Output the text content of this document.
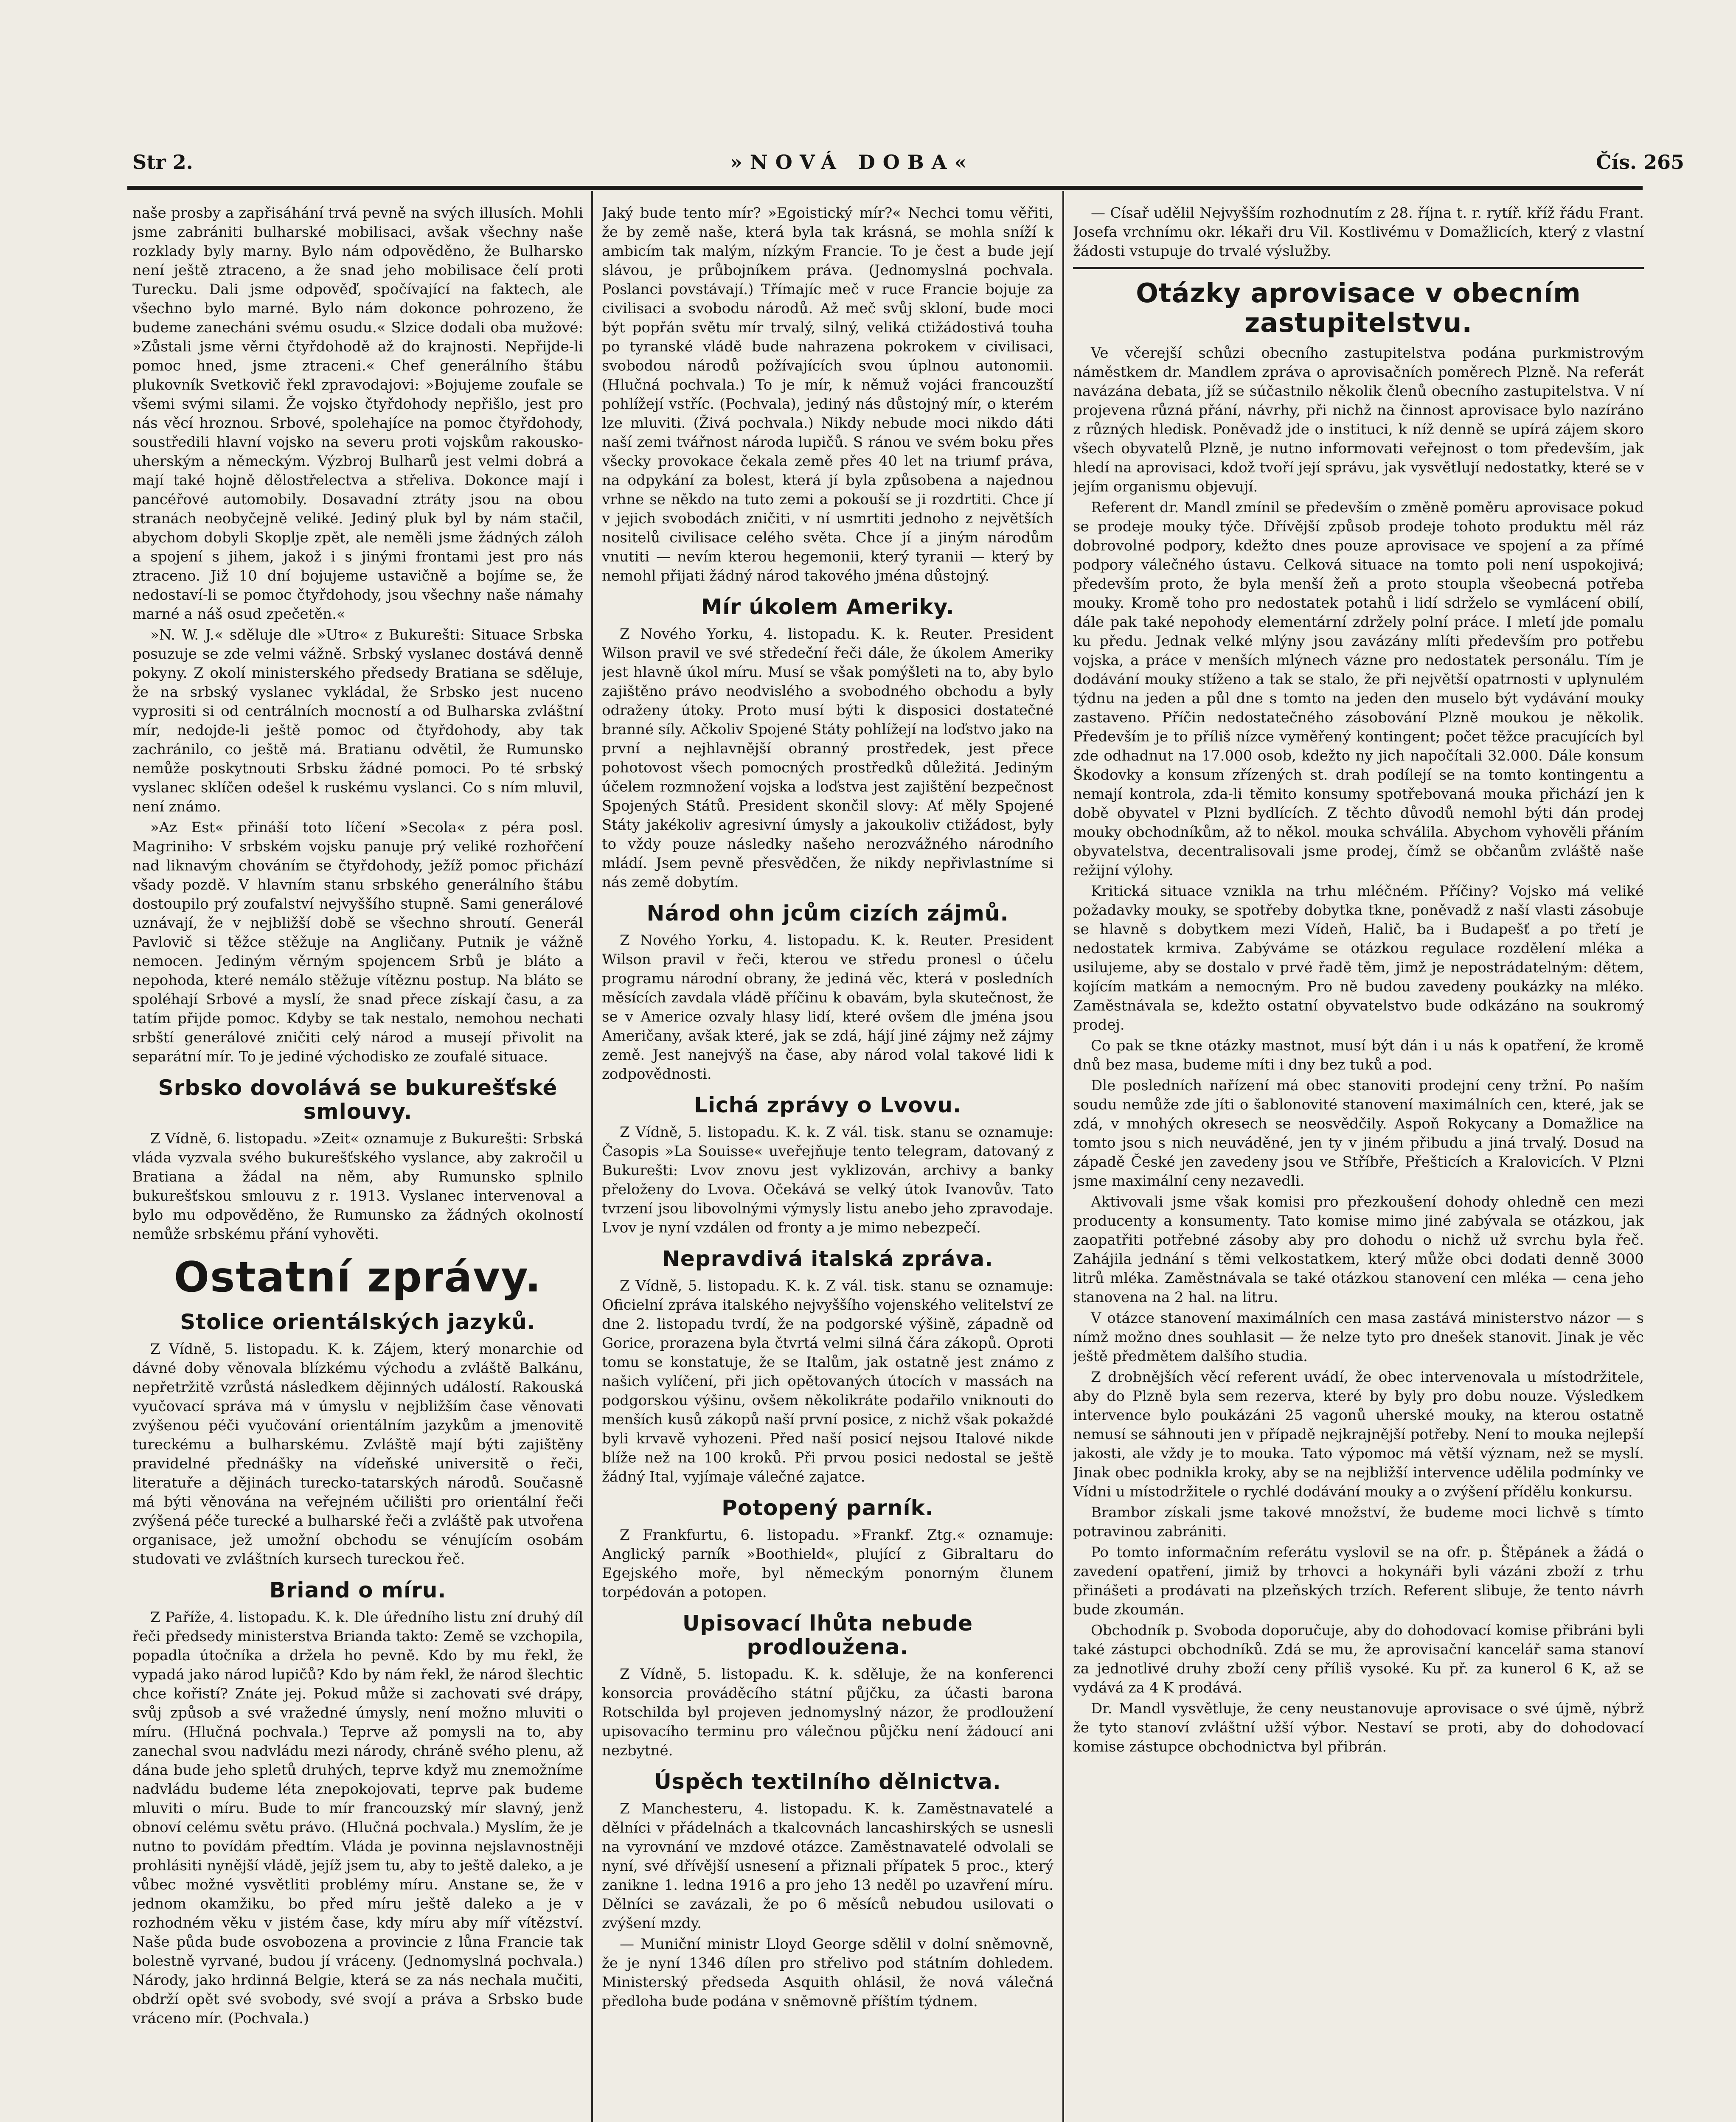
Str 2.	»NOVÁ DOBA«	Čís. 265

naše prosby a zapřisáhání trvá pevně na svých illusích. Mohli jsme zabrániti bulharské mobilisaci, avšak všechny naše rozklady byly marny. Bylo nám odpověděno, že Bulharsko není ještě ztraceno, a že snad jeho mobilisace čelí proti Turecku. Dali jsme odpověď, spočívající na faktech, ale všechno bylo marné. Bylo nám dokonce pohrozeno, že budeme zanecháni svému osudu.« Slzice dodali oba mužové: »Zůstali jsme věrni čtyřdohodě až do krajnosti. Nepřijde-li pomoc hned, jsme ztraceni.« Chef generálního štábu plukovník Svetkovič řekl zpravodajovi: »Bojujeme zoufale se všemi svými silami. Že vojsko čtyřdohody nepřišlo, jest pro nás věcí hroznou. Srbové, spolehajíce na pomoc čtyřdohody, soustředili hlavní vojsko na severu proti vojskům rakousko-uherským a německým. Výzbroj Bulharů jest velmi dobrá a mají také hojně dělostřelectva a střeliva. Dokonce mají i pancéřové automobily. Dosavadní ztráty jsou na obou stranách neobyčejně veliké. Jediný pluk byl by nám stačil, abychom dobyli Skoplje zpět, ale neměli jsme žádných záloh a spojení s jihem, jakož i s jinými frontami jest pro nás ztraceno. Již 10 dní bojujeme ustavičně a bojíme se, že nedostaví-li se pomoc čtyřdohody, jsou všechny naše námahy marné a náš osud zpečetěn.«

»N. W. J.« sděluje dle »Utro« z Bukurešti: Situace Srbska posuzuje se zde velmi vážně. Srbský vyslanec dostává denně pokyny. Z okolí ministerského předsedy Bratiana se sděluje, že na srbský vyslanec vykládal, že Srbsko jest nuceno vyprositi si od centrálních mocností a od Bulharska zvláštní mír, nedojde-li ještě pomoc od čtyřdohody, aby tak zachránilo, co ještě má. Bratianu odvětil, že Rumunsko nemůže poskytnouti Srbsku žádné pomoci. Po té srbský vyslanec sklíčen odešel k ruskému vyslanci. Co s ním mluvil, není známo.

»Az Est« přináší toto líčení »Secola« z péra posl. Magriniho: V srbském vojsku panuje prý veliké rozhořčení nad liknavým chováním se čtyřdohody, ježíž pomoc přichází všady pozdě. V hlavním stanu srbského generálního štábu dostoupilo prý zoufalství nejvyššího stupně. Sami generálové uznávají, že v nejbližší době se všechno shroutí. Generál Pavlovič si těžce stěžuje na Angličany. Putnik je vážně nemocen. Jediným věrným spojencem Srbů je bláto a nepohoda, které nemálo stěžuje vítěznu postup. Na bláto se spoléhají Srbové a myslí, že snad přece získají času, a za tatím přijde pomoc. Kdyby se tak nestalo, nemohou nechati srbští generálové zničiti celý národ a musejí přivolit na separátní mír. To je jediné východisko ze zoufalé situace.

Srbsko dovolává se bukurešťské smlouvy.

Z Vídně, 6. listopadu. »Zeit« oznamuje z Bukurešti: Srbská vláda vyzvala svého bukurešťského vyslance, aby zakročil u Bratiana a žádal na něm, aby Rumunsko splnilo bukurešťskou smlouvu z r. 1913. Vyslanec intervenoval a bylo mu odpověděno, že Rumunsko za žádných okolností nemůže srbskému přání vyhověti.

Ostatní zprávy.
Stolice orientálských jazyků.

Z Vídně, 5. listopadu. K. k. Zájem, který monarchie od dávné doby věnovala blízkému východu a zvláště Balkánu, nepřetržitě vzrůstá následkem dějinných událostí. Rakouská vyučovací správa má v úmyslu v nejbližším čase věnovati zvýšenou péči vyučování orientálním jazykům a jmenovitě tureckému a bulharskému. Zvláště mají býti zajištěny pravidelné přednášky na vídeňské universitě o řeči, literatuře a dějinách turecko-tatarských národů. Současně má býti věnována na veřejném učilišti pro orientální řeči zvýšená péče turecké a bulharské řeči a zvláště pak utvořena organisace, jež umožní obchodu se vénujícím osobám studovati ve zvláštních kursech tureckou řeč.

Briand o míru.

Z Paříže, 4. listopadu. K. k. Dle úředního listu zní druhý díl řeči předsedy ministerstva Brianda takto: Země se vzchopila, popadla útočníka a držela ho pevně. Kdo by mu řekl, že vypadá jako národ lupičů? Kdo by nám řekl, že národ šlechtic chce kořistí? Znáte jej. Pokud může si zachovati své drápy, svůj způsob a své vražedné úmysly, není možno mluviti o míru. (Hlučná pochvala.) Teprve až pomysli na to, aby zanechal svou nadvládu mezi národy, chráně svého plenu, až dána bude jeho spletů druhých, teprve když mu znemožníme nadvládu budeme léta znepokojovati, teprve pak budeme mluviti o míru. Bude to mír francouzský mír slavný, jenž obnoví celému světu právo. (Hlučná pochvala.) Myslím, že je nutno to povídám předtím. Vláda je povinna nejslavnostněji prohlásiti nynější vládě, jejíž jsem tu, aby to ještě daleko, a je vůbec možné vysvětliti problémy míru. Anstane se, že v jednom okamžiku, bo před míru ještě daleko a je v rozhodném věku v jistém čase, kdy míru aby míř vítězství. Naše půda bude osvobozena a provincie z lůna Francie tak bolestně vyrvané, budou jí vráceny. (Jednomyslná pochvala.) Národy, jako hrdinná Belgie, která se za nás nechala mučiti, obdrží opět své svobody, své svojí a práva a Srbsko bude vráceno mír. (Pochvala.)

Jaký bude tento mír? »Egoistický mír?« Nechci tomu věřiti, že by země naše, která byla tak krásná, se mohla sníží k ambicím tak malým, nízkým Francie. To je čest a bude její slávou, je průbojníkem práva. (Jednomyslná pochvala. Poslanci povstávají.) Třímajíc meč v ruce Francie bojuje za civilisaci a svobodu národů. Až meč svůj skloní, bude moci být popřán světu mír trvalý, silný, veliká ctižádostivá touha po tyranské vládě bude nahrazena pokrokem v civilisaci, svobodou národů požívajících svou úplnou autonomii. (Hlučná pochvala.) To je mír, k němuž vojáci francouzští pohlížejí vstříc. (Pochvala), jediný nás důstojný mír, o kterém lze mluviti. (Živá pochvala.) Nikdy nebude moci nikdo dáti naší zemi tvářnost národa lupičů. S ránou ve svém boku přes všecky provokace čekala země přes 40 let na triumf práva, na odpykání za bolest, která jí byla způsobena a najednou vrhne se někdo na tuto zemi a pokouší se ji rozdrtiti. Chce jí v jejich svobodách zničiti, v ní usmrtiti jednoho z největších nositelů civilisace celého světa. Chce jí a jiným národům vnutiti — nevím kterou hegemonii, který tyranii — který by nemohl přijati žádný národ takového jména důstojný.

Mír úkolem Ameriky.

Z Nového Yorku, 4. listopadu. K. k. Reuter. President Wilson pravil ve své středeční řeči dále, že úkolem Ameriky jest hlavně úkol míru. Musí se však pomýšleti na to, aby bylo zajištěno právo neodvislého a svobodného obchodu a byly odraženy útoky. Proto musí býti k disposici dostatečné branné síly. Ačkoliv Spojené Státy pohlížejí na loďstvo jako na první a nejhlavnější obranný prostředek, jest přece pohotovost všech pomocných prostředků důležitá. Jediným účelem rozmnožení vojska a loďstva jest zajištění bezpečnost Spojených Států. President skončil slovy: Ať měly Spojené Státy jakékoliv agresivní úmysly a jakoukoliv ctižádost, byly to vždy pouze následky našeho nerozvážného národního mládí. Jsem pevně přesvědčen, že nikdy nepřivlastníme si nás země dobytím.

Národ ohn jcům cizích zájmů.

Z Nového Yorku, 4. listopadu. K. k. Reuter. President Wilson pravil v řeči, kterou ve středu pronesl o účelu programu národní obrany, že jediná věc, která v posledních měsících zavdala vládě příčinu k obavám, byla skutečnost, že se v Americe ozvaly hlasy lidí, které ovšem dle jména jsou Američany, avšak které, jak se zdá, hájí jiné zájmy než zájmy země. Jest nanejvýš na čase, aby národ volal takové lidi k zodpovědnosti.

Lichá zprávy o Lvovu.

Z Vídně, 5. listopadu. K. k. Z vál. tisk. stanu se oznamuje: Časopis »La Souisse« uveřejňuje tento telegram, datovaný z Bukurešti: Lvov znovu jest vyklizován, archivy a banky přeloženy do Lvova. Očekává se velký útok Ivanovův. Tato tvrzení jsou libovolnými výmysly listu anebo jeho zpravodaje. Lvov je nyní vzdálen od fronty a je mimo nebezpečí.

Nepravdivá italská zpráva.

Z Vídně, 5. listopadu. K. k. Z vál. tisk. stanu se oznamuje: Oficielní zpráva italského nejvyššího vojenského velitelství ze dne 2. listopadu tvrdí, že na podgorské výšině, západně od Gorice, prorazena byla čtvrtá velmi silná čára zákopů. Oproti tomu se konstatuje, že se Italům, jak ostatně jest známo z našich vylíčení, při jich opětovaných útocích v massách na podgorskou výšinu, ovšem několikráte podařilo vniknouti do menších kusů zákopů naší první posice, z nichž však pokaždé byli krvavě vyhozeni. Před naší posicí nejsou Italové nikde blíže než na 100 kroků. Při prvou posici nedostal se ještě žádný Ital, vyjímaje válečné zajatce.

Potopený parník.

Z Frankfurtu, 6. listopadu. »Frankf. Ztg.« oznamuje: Anglický parník »Boothield«, plující z Gibraltaru do Egejského moře, byl německým ponorným člunem torpédován a potopen.

Upisovací lhůta nebude prodloužena.

Z Vídně, 5. listopadu. K. k. sděluje, že na konferenci konsorcia prováděcího státní půjčku, za účasti barona Rotschilda byl projeven jednomyslný názor, že prodloužení upisovacího terminu pro válečnou půjčku není žádoucí ani nezbytné.

Úspěch textilního dělnictva.

Z Manchesteru, 4. listopadu. K. k. Zaměstnavatelé a dělníci v přádelnách a tkalcovnách lancashirských se usnesli na vyrovnání ve mzdové otázce. Zaměstnavatelé odvolali se nyní, své dřívější usnesení a přiznali přípatek 5 proc., který zanikne 1. ledna 1916 a pro jeho 13 neděl po uzavření míru. Dělníci se zavázali, že po 6 měsíců nebudou usilovati o zvýšení mzdy.

— Muniční ministr Lloyd George sdělil v dolní sněmovně, že je nyní 1346 dílen pro střelivo pod státním dohledem. Ministerský předseda Asquith ohlásil, že nová válečná předloha bude podána v sněmovně příštím týdnem.

— Císař udělil Nejvyšším rozhodnutím z 28. října t. r. rytíř. kříž řádu Frant. Josefa vrchnímu okr. lékaři dru Vil. Kostlivému v Domažlicích, který z vlastní žádosti vstupuje do trvalé výslužby.

Otázky aprovisace v obecním zastupitelstvu.

Ve včerejší schůzi obecního zastupitelstva podána purkmistrovým náměstkem dr. Mandlem zpráva o aprovisačních poměrech Plzně. Na referát navázána debata, jíž se súčastnilo několik členů obecního zastupitelstva. V ní projevena různá přání, návrhy, při nichž na činnost aprovisace bylo nazíráno z různých hledisk. Poněvadž jde o instituci, k níž denně se upírá zájem skoro všech obyvatelů Plzně, je nutno informovati veřejnost o tom především, jak hledí na aprovisaci, kdož tvoří její správu, jak vysvětlují nedostatky, které se v jejím organismu objevují.

Referent dr. Mandl zmínil se především o změně poměru aprovisace pokud se prodeje mouky týče. Dřívější způsob prodeje tohoto produktu měl ráz dobrovolné podpory, kdežto dnes pouze aprovisace ve spojení a za přímé podpory válečného ústavu. Celková situace na tomto poli není uspokojivá; především proto, že byla menší žeň a proto stoupla všeobecná potřeba mouky. Kromě toho pro nedostatek potahů i lidí sdrželo se vymlácení obilí, dále pak také nepohody elementární zdržely polní práce. I mletí jde pomalu ku předu. Jednak velké mlýny jsou zavázány mlíti především pro potřebu vojska, a práce v menších mlýnech vázne pro nedostatek personálu. Tím je dodávání mouky stíženo a tak se stalo, že při největší opatrnosti v uplynulém týdnu na jeden a půl dne s tomto na jeden den muselo být vydávání mouky zastaveno. Příčin nedostatečného zásobování Plzně moukou je několik. Především je to příliš nízce vyměřený kontingent; počet těžce pracujících byl zde odhadnut na 17.000 osob, kdežto ny jich napočítali 32.000. Dále konsum Škodovky a konsum zřízených st. drah podílejí se na tomto kontingentu a nemají kontrola, zda-li těmito konsumy spotřebovaná mouka přichází jen k době obyvatel v Plzni bydlících. Z těchto důvodů nemohl býti dán prodej mouky obchodníkům, až to někol. mouka schválila. Abychom vyhověli přáním obyvatelstva, decentralisovali jsme prodej, čímž se občanům zvláště naše režijní výlohy.

Kritická situace vznikla na trhu mléčném. Příčiny? Vojsko má veliké požadavky mouky, se spotřeby dobytka tkne, poněvadž z naší vlasti zásobuje se hlavně s dobytkem mezi Vídeň, Halič, ba i Budapešť a po třetí je nedostatek krmiva. Zabýváme se otázkou regulace rozdělení mléka a usilujeme, aby se dostalo v prvé řadě těm, jimž je nepostrádatelným: dětem, kojícím matkám a nemocným. Pro ně budou zavedeny poukázky na mléko. Zaměstnávala se, kdežto ostatní obyvatelstvo bude odkázáno na soukromý prodej.

Co pak se tkne otázky mastnot, musí být dán i u nás k opatření, že kromě dnů bez masa, budeme míti i dny bez tuků a pod.

Dle posledních nařízení má obec stanoviti prodejní ceny tržní. Po naším soudu nemůže zde jíti o šablonovité stanovení maximálních cen, které, jak se zdá, v mnohých okresech se neosvědčily. Aspoň Rokycany a Domažlice na tomto jsou s nich neuváděné, jen ty v jiném přibudu a jiná trvalý. Dosud na západě České jen zavedeny jsou ve Stříbře, Přešticích a Kralovicích. V Plzni jsme maximální ceny nezavedli.

Aktivovali jsme však komisi pro přezkoušení dohody ohledně cen mezi producenty a konsumenty. Tato komise mimo jiné zabývala se otázkou, jak zaopatřiti potřebné zásoby aby pro dohodu o nichž už svrchu byla řeč. Zahájila jednání s těmi velkostatkem, který může obci dodati denně 3000 litrů mléka. Zaměstnávala se také otázkou stanovení cen mléka — cena jeho stanovena na 2 hal. na litru.

V otázce stanovení maximálních cen masa zastává ministerstvo názor — s nímž možno dnes souhlasit — že nelze tyto pro dnešek stanovit. Jinak je věc ještě předmětem dalšího studia.

Z drobnějších věcí referent uvádí, že obec intervenovala u místodržitele, aby do Plzně byla sem rezerva, které by byly pro dobu nouze. Výsledkem intervence bylo poukázáni 25 vagonů uherské mouky, na kterou ostatně nemusí se sáhnouti jen v případě nejkrajnější potřeby. Není to mouka nejlepší jakosti, ale vždy je to mouka. Tato výpomoc má větší význam, než se myslí. Jinak obec podnikla kroky, aby se na nejbližší intervence udělila podmínky ve Vídni u místodržitele o rychlé dodávání mouky a o zvýšení přídělu konkursu.

Brambor získali jsme takové množství, že budeme moci lichvě s tímto potravinou zabrániti.

Po tomto informačním referátu vyslovil se na ofr. p. Štěpánek a žádá o zavedení opatření, jimiž by trhovci a hokynáři byli vázáni zboží z trhu přinášeti a prodávati na plzeňských trzích. Referent slibuje, že tento návrh bude zkoumán.

Obchodník p. Svoboda doporučuje, aby do dohodovací komise přibráni byli také zástupci obchodníků. Zdá se mu, že aprovisační kancelář sama stanoví za jednotlivé druhy zboží ceny příliš vysoké. Ku př. za kunerol 6 K, až se vydává za 4 K prodává.

Dr. Mandl vysvětluje, že ceny neustanovuje aprovisace o své újmě, nýbrž že tyto stanoví zvláštní užší výbor. Nestaví se proti, aby do dohodovací komise zástupce obchodnictva byl přibrán.
